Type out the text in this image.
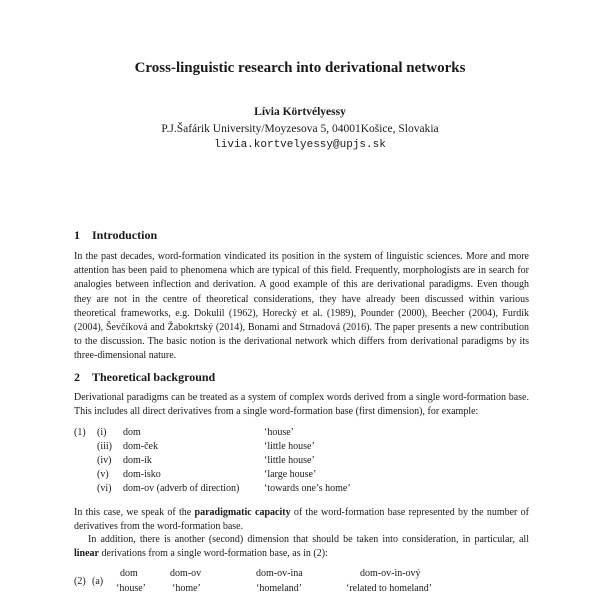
Cross-linguistic research into derivational networks
Lívia Körtvélyessy
P.J.Šafárik University/Moyzesova 5, 04001Košice, Slovakia
livia.kortvelyessy@upjs.sk
1 Introduction

In the past decades, word-formation vindicated its position in the system of linguistic sciences. More and more attention has been paid to phenomena which are typical of this field. Frequently, morphologists are in search for analogies between inflection and derivation. A good example of this are derivational paradigms. Even though they are not in the centre of theoretical considerations, they have already been discussed within various theoretical frameworks, e.g. Dokulil (1962), Horecký et al. (1989), Pounder (2000), Beecher (2004), Furdík (2004), Ševčíková and Žabokrtský (2014), Bonami and Strnadová (2016). The paper presents a new contribution to the discussion. The basic notion is the derivational network which differs from derivational paradigms by its three-dimensional nature.

2 Theoretical background

Derivational paradigms can be treated as a system of complex words derived from a single word-formation base. This includes all direct derivatives from a single word-formation base (first dimension), for example:

(1) (i) dom	‘house’
(iii) dom-ček	‘little house’
(iv) dom-ík	‘little house’
(v) dom-isko	‘large house’
(vi) dom-ov (adverb of direction) ‘towards one’s home’

In this case, we speak of the paradigmatic capacity of the word-formation base represented by the number of derivatives from the word-formation base.

In addition, there is another (second) dimension that should be taken into consideration, in particular, all linear derivations from a single word-formation base, as in (2):

(2) (a)
dom	dom-ov	dom-ov-ina	dom-ov-in-ový
‘house’	‘home’	‘homeland’	‘related to homeland’
